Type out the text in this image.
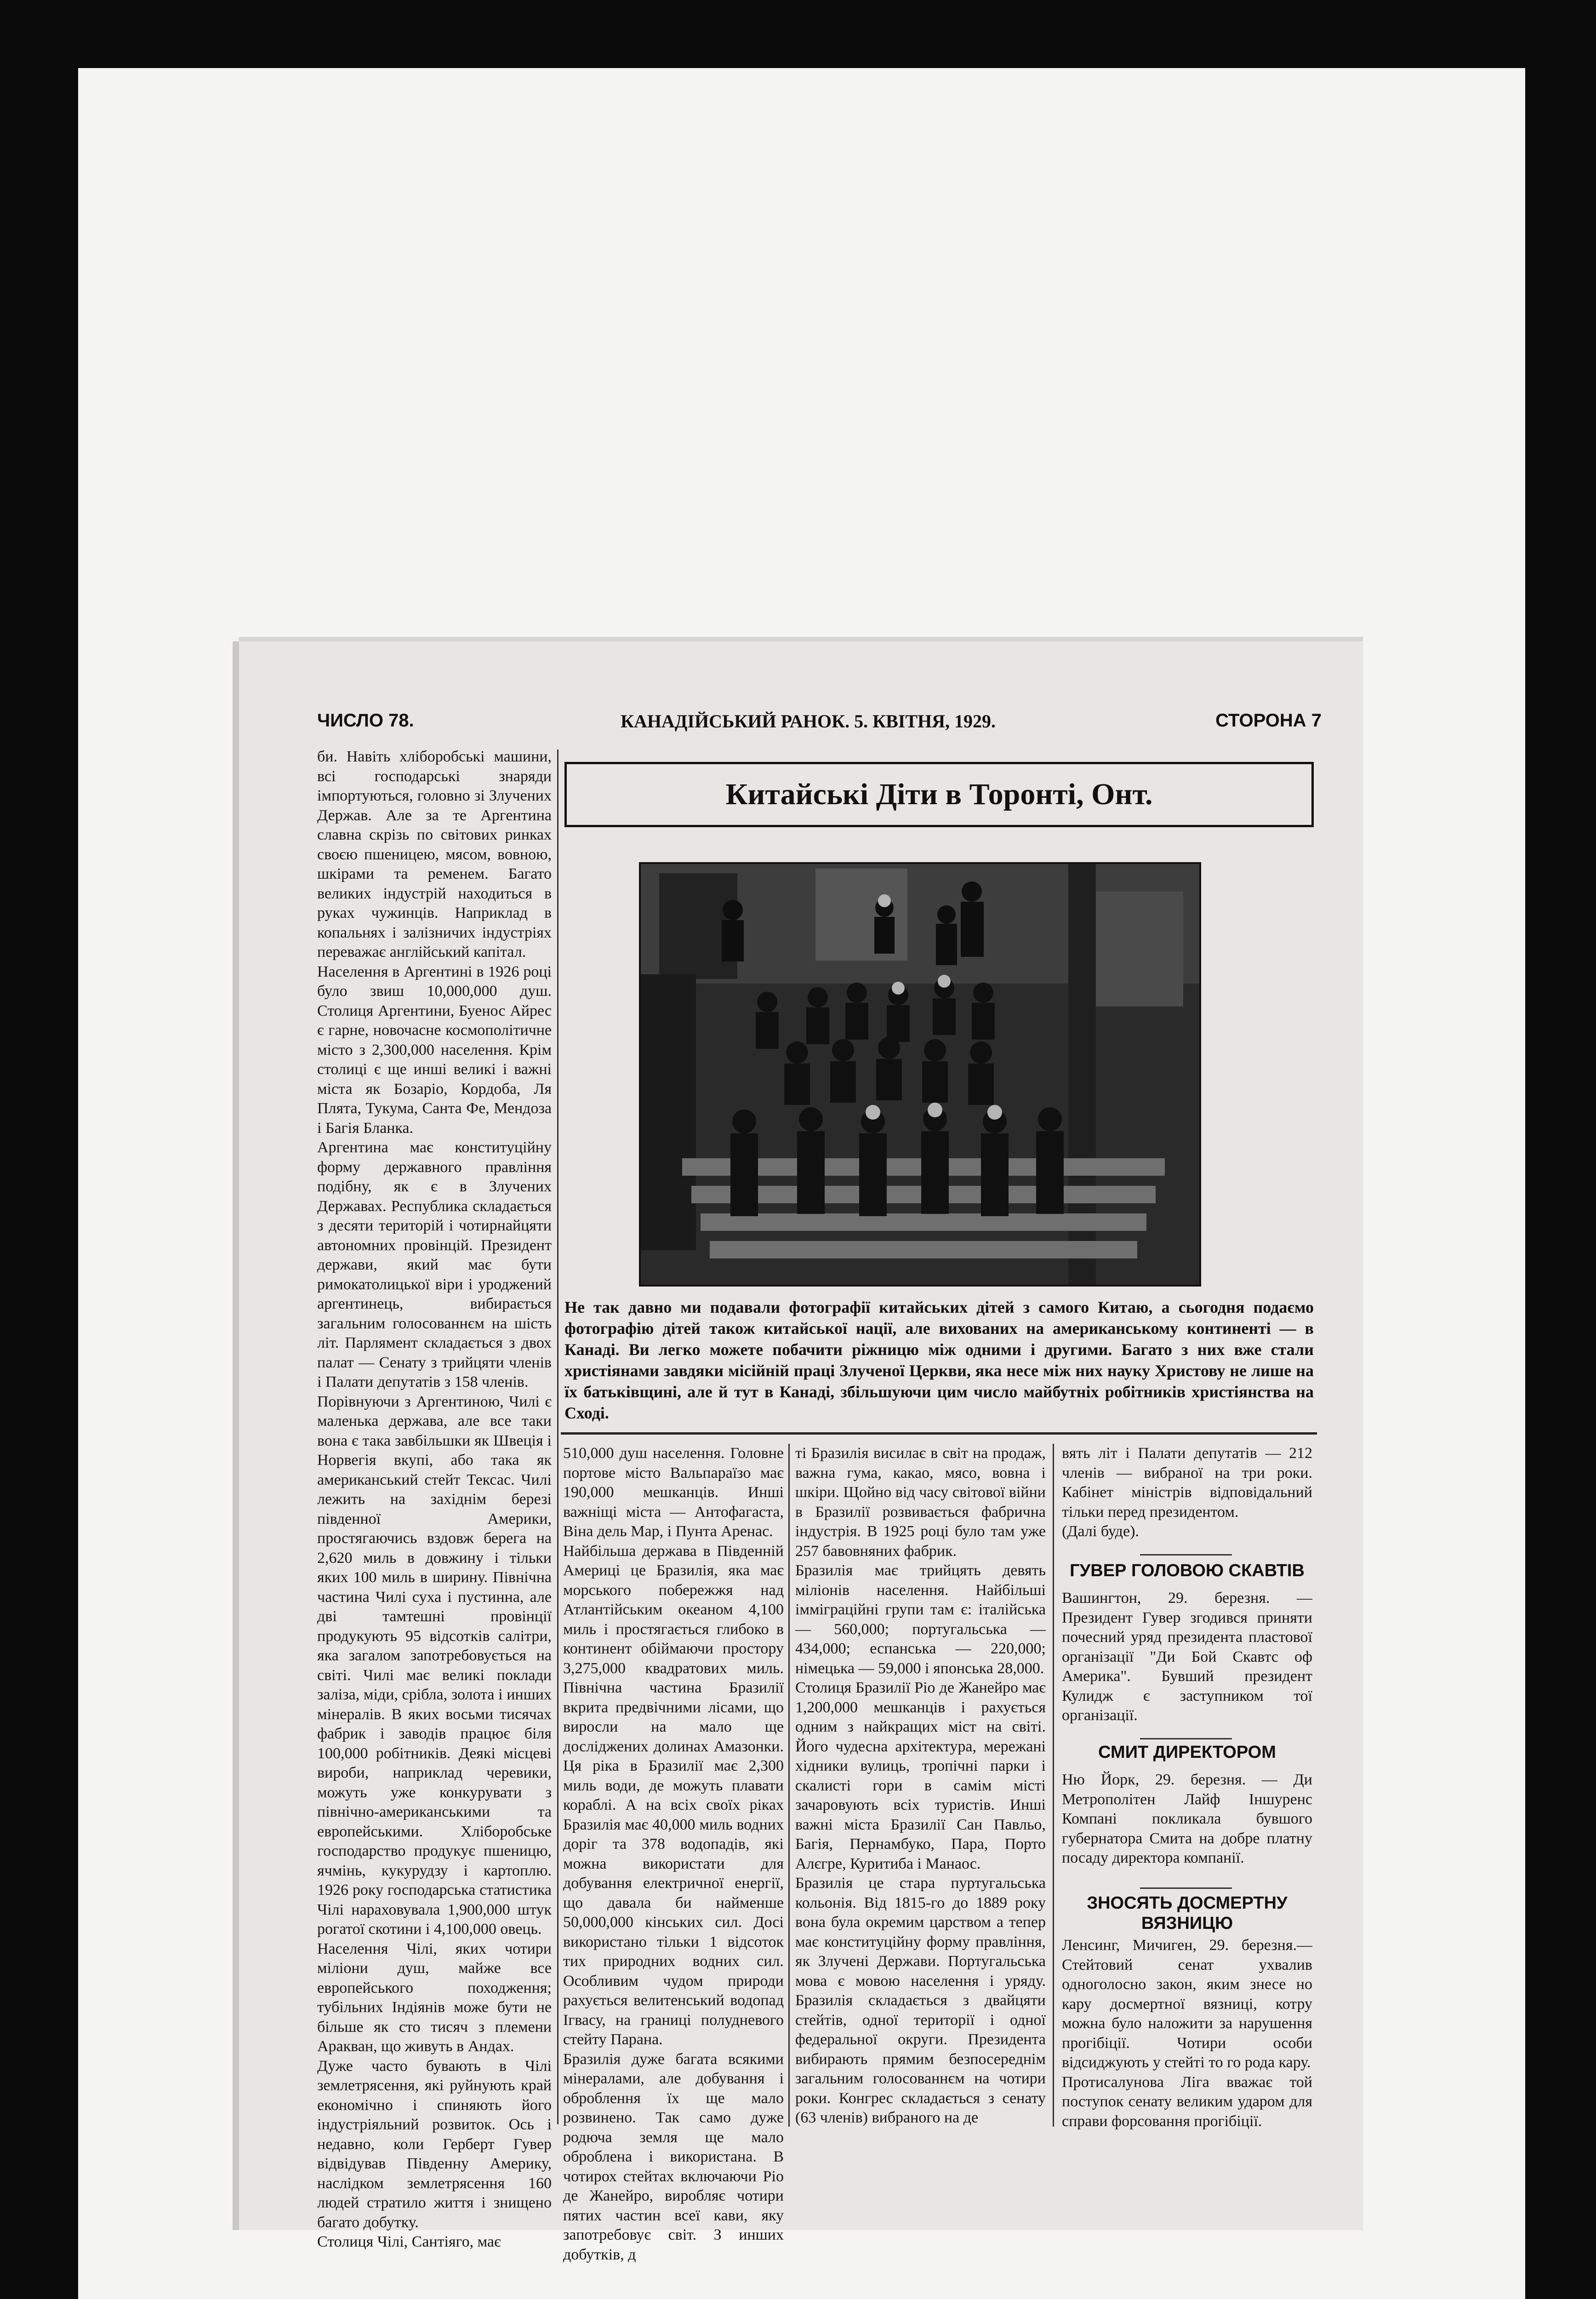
ЧИСЛО 78.	КАНАДІЙСЬКИЙ РАНОК. 5. КВІТНЯ, 1929.	СТОРОНА 7
би. Навіть хліборобські машини, всі господарські знаряди імпортуються, головно зі Злучених Держав. Але за те Аргентина славна скрізь по світових ринках своєю пшеницею, мясом, вовною, шкірами та ременем. Багато великих індустрій находиться в руках чужинців. Наприклад в копальнях і залізничих індустріях переважає англійський капітал.
Населення в Аргентині в 1926 році було звиш 10,000,000 душ. Столиця Аргентини, Буенос Айрес є гарне, новочасне космополітичне місто з 2,300,000 населення. Крім столиці є ще инші великі і важні міста як Бозаріо, Кордоба, Ля Плята, Тукума, Санта Фе, Мендоза і Багія Бланка.
Аргентина має конституційну форму державного правління подібну, як є в Злучених Державах. Республика складається з десяти територій і чотирнайцяти автономних провінцій. Президент держави, який має бути римокатолицької віри і уроджений аргентинець, вибирається загальним голосованнєм на шість літ. Парлямент складається з двох палат — Сенату з трийцяти членів і Палати депутатів з 158 членів.
Порівнуючи з Аргентиною, Чилі є маленька держава, але все таки вона є така завбільшки як Швеція і Норвегія вкупі, або така як американський стейт Тексас. Чилі лежить на західнім березі південної Америки, простягаючись вздовж берега на 2,620 миль в довжину і тільки яких 100 миль в ширину. Північна частина Чилі суха і пустинна, але дві тамтешні провінції продукують 95 відсотків салітри, яка загалом запотребовується на світі. Чилі має великі поклади заліза, міди, срібла, золота і инших мінералів. В яких восьми тисячах фабрик і заводів працює біля 100,000 робітників. Деякі місцеві вироби, наприклад черевики, можуть уже конкурувати з північно-американськими та европейськими. Хліборобське господарство продукує пшеницю, ячмінь, кукурудзу і картоплю. 1926 року господарська статистика Чілі нараховувала 1,900,000 штук рогатої скотини і 4,100,000 овець.
Населення Чілі, яких чотири міліони душ, майже все европейського походження; тубільних Індіянів може бути не більше як сто тисяч з племени Аракван, що живуть в Андах.
Дуже часто бувають в Чілі землетрясення, які руйнують край економічно і спиняють його індустріяльний розвиток. Ось і недавно, коли Герберт Гувер відвідував Південну Америку, наслідком землетрясення 160 людей стратило життя і знищено багато добутку.
Столиця Чілі, Сантіяго, має
Китайські Діти в Торонті, Онт.
Не так давно ми подавали фотографії китайських дітей з самого Китаю, а сьогодня подаємо фотографію дітей також китайської нації, але вихованих на американському континенті — в Канаді. Ви легко можете побачити ріжницю між одними і другими. Багато з них вже стали христіянами завдяки місійній праці Злученої Церкви, яка несе між них науку Христову не лише на їх батьківщині, але й тут в Канаді, збільшуючи цим число майбутніх робітників христіянства на Сході.
510,000 душ населення. Головне портове місто Вальпараїзо має 190,000 мешканців. Инші важніщі міста — Антофагаста, Віна дель Мар, і Пунта Аренас.
Найбільша держава в Південній Америці це Бразилія, яка має морського побережжя над Атлантійським океаном 4,100 миль і простягається глибоко в континент обіймаючи простору 3,275,000 квадратових миль. Північна частина Бразилії вкрита предвічними лісами, що виросли на мало ще досліджених долинах Амазонки. Ця ріка в Бразилії має 2,300 миль води, де можуть плавати кораблі. А на всіх своїх ріках Бразилія має 40,000 миль водних доріг та 378 водопадів, які можна використати для добування електричної енергії, що давала би найменше 50,000,000 кінських сил. Досі використано тільки 1 відсоток тих природних водних сил. Особливим чудом природи рахується велитенський водопад Ігвасу, на границі полудневого стейту Парана.
Бразилія дуже багата всякими мінералами, але добування і оброблення їх ще мало розвинено. Так само дуже родюча земля ще мало оброблена і використана. В чотирох стейтах включаючи Ріо де Жанейро, виробляє чотири пятих частин всеї кави, яку запотребовує світ. З инших добутків, д
ті Бразилія висилає в світ на продаж, важна гума, какао, мясо, вовна і шкіри. Щойно від часу світової війни в Бразилії розвивається фабрична індустрія. В 1925 році було там уже 257 бавовняних фабрик.
Бразилія має трийцять девять міліонів населення. Найбільші імміграційні групи там є: італійська — 560,000; португальська — 434,000; еспанська — 220,000; німецька — 59,000 і японська 28,000.
Столиця Бразилії Ріо де Жанейро має 1,200,000 мешканців і рахується одним з найкращих міст на світі. Його чудесна архітектура, мережані хідники вулиць, тропічні парки і скалисті гори в самім місті зачаровують всіх туристів. Инші важні міста Бразилії Сан Павльо, Багія, Пернамбуко, Пара, Порто Алєгре, Куритиба і Манаос.
Бразилія це стара пуртугальська кольонія. Від 1815-го до 1889 року вона була окремим царством а тепер має конституційну форму правління, як Злучені Держави. Португальська мова є мовою населення і уряду. Бразилія складається з двайцяти стейтів, одної території і одної федеральної округи. Президента вибирають прямим безпосереднім загальним голосованнєм на чотири роки. Конгрес складається з сенату (63 членів) вибраного на де
вять літ і Палати депутатів — 212 членів — вибраної на три роки. Кабінет міністрів відповідальний тільки перед президентом.
(Далі буде).
ГУВЕР ГОЛОВОЮ СКАВТІВ
Вашингтон, 29. березня. — Президент Гувер згодився приняти почесний уряд президента пластової організації "Ди Бой Скавтс оф Америка". Бувший президент Кулидж є заступником тої організації.
СМИТ ДИРЕКТОРОМ
Ню Йорк, 29. березня. — Ди Метрополітен Лайф Іншуренс Компані покликала бувшого губернатора Смита на добре платну посаду директора компанії.
ЗНОСЯТЬ ДОСМЕРТНУ ВЯЗНИЦЮ
Ленсинг, Мичиген, 29. березня.—Стейтовий сенат ухвалив одноголосно закон, яким знесе но кару досмертної вязниці, котру можна було наложити за нарушення прогібіції. Чотири особи відсиджують у стейті то го рода кару.
Протисалунова Ліга вважає той поступок сенату великим ударом для справи форсовання прогібіції.
